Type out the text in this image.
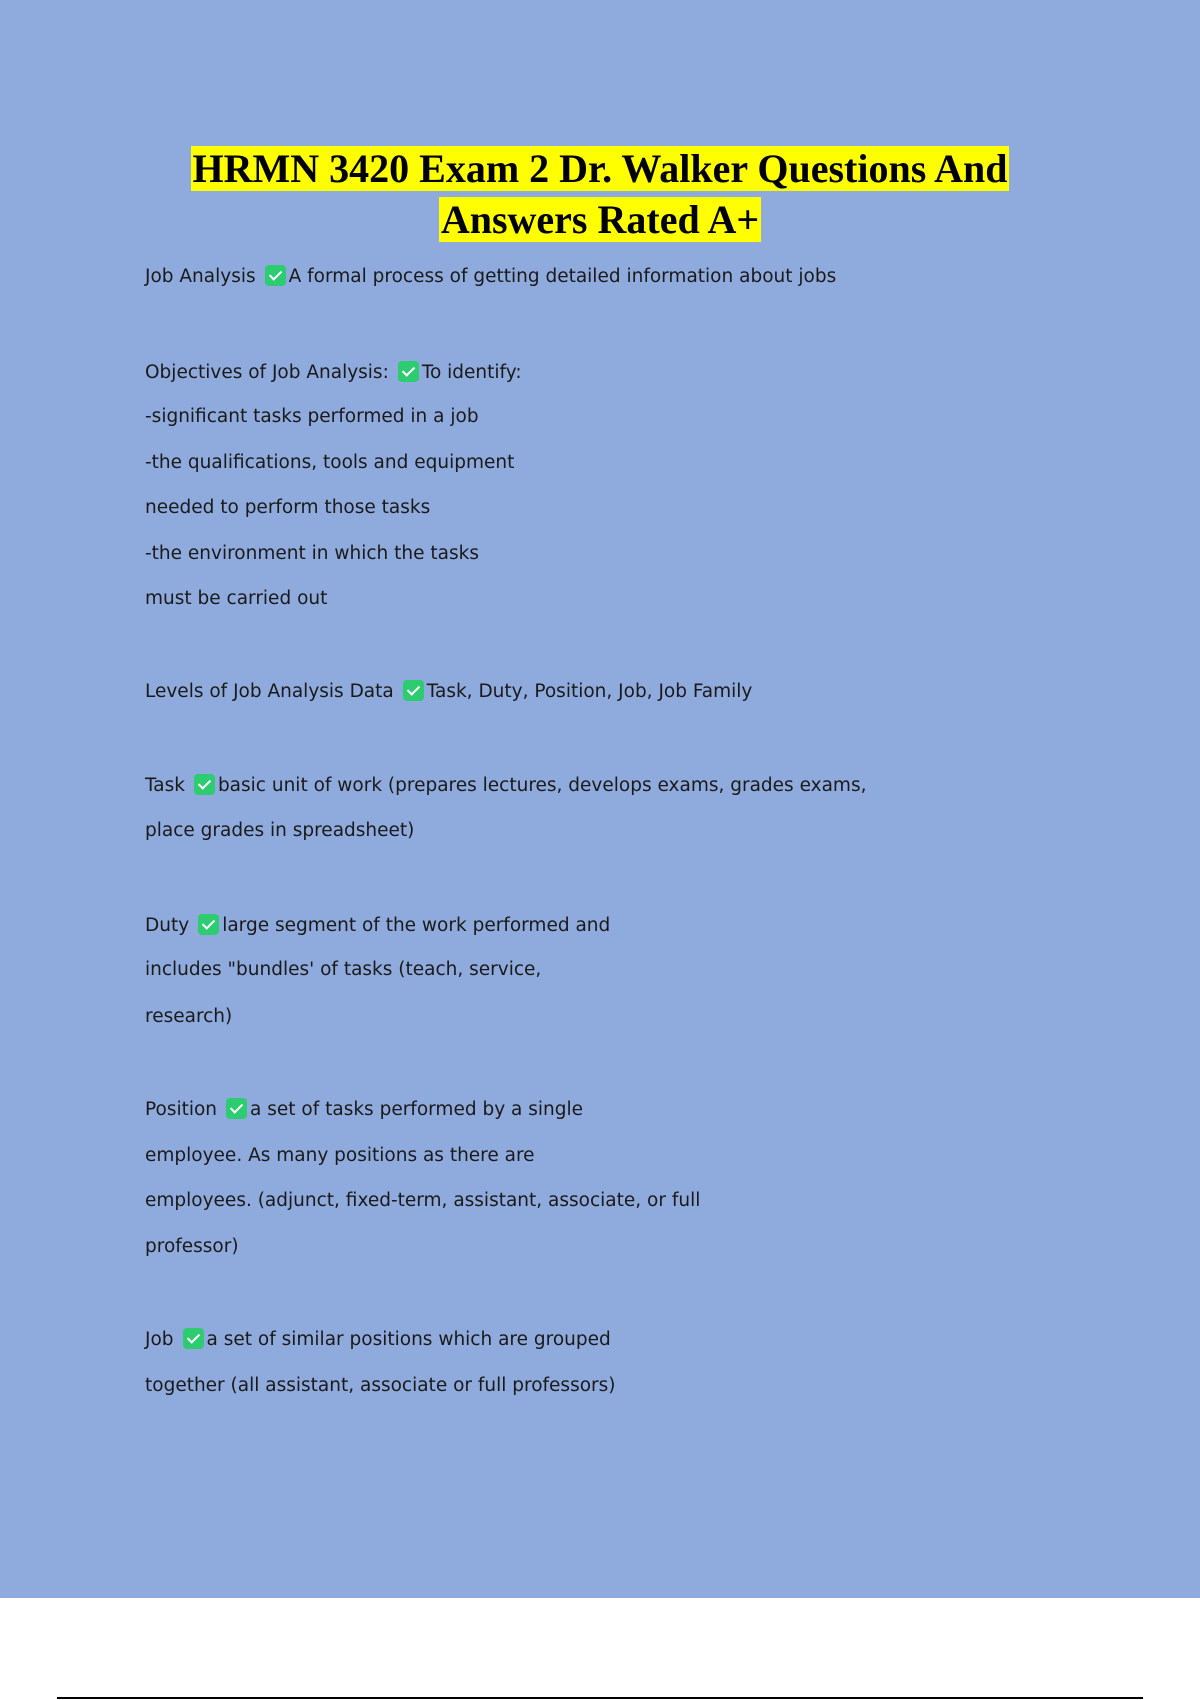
HRMN 3420 Exam 2 Dr. Walker Questions And
Answers Rated A+
Job Analysis A formal process of getting detailed information about jobs
Objectives of Job Analysis: To identify:
-significant tasks performed in a job
-the qualifications, tools and equipment
needed to perform those tasks
-the environment in which the tasks
must be carried out
Levels of Job Analysis Data Task, Duty, Position, Job, Job Family
Task basic unit of work (prepares lectures, develops exams, grades exams,
place grades in spreadsheet)
Duty large segment of the work performed and
includes "bundles' of tasks (teach, service,
research)
Position a set of tasks performed by a single
employee. As many positions as there are
employees. (adjunct, fixed-term, assistant, associate, or full
professor)
Job a set of similar positions which are grouped
together (all assistant, associate or full professors)
